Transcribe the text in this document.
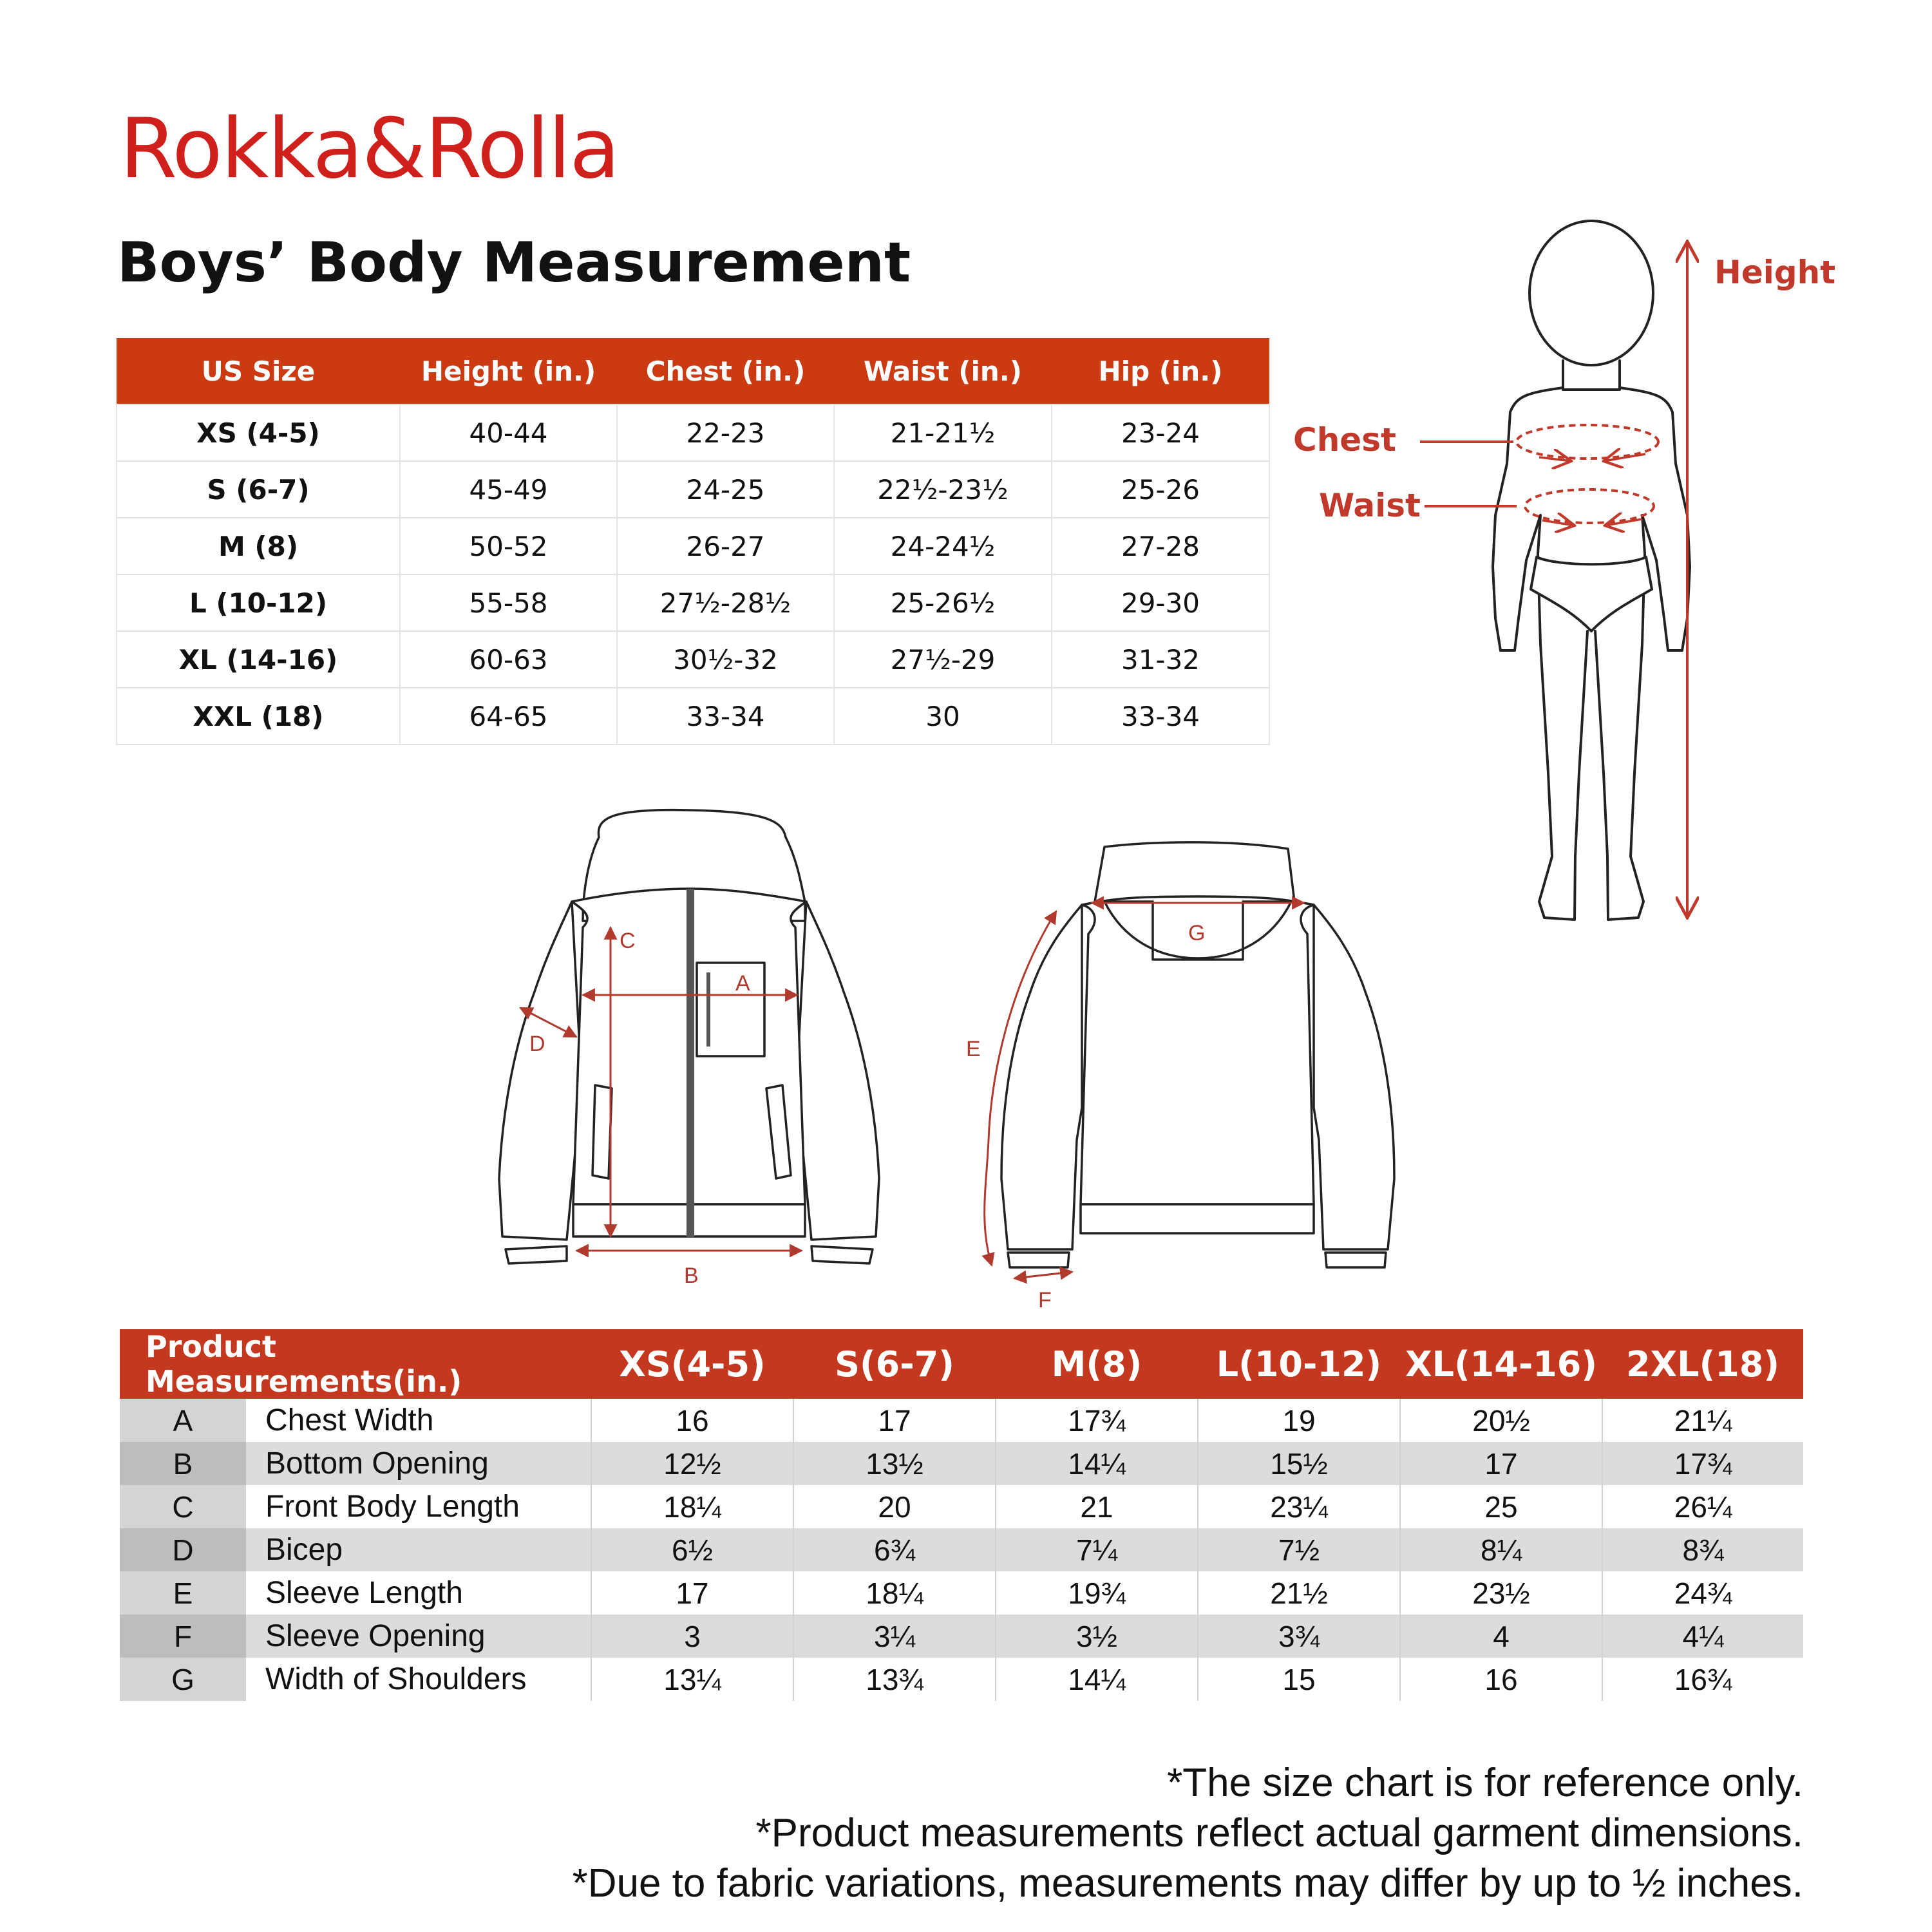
Rokka&Rolla
Boys’ Body Measurement
US Size	Height (in.)	Chest (in.)	Waist (in.)	Hip (in.)
XS (4-5)	40-44	22-23	21-21½	23-24
S (6-7)	45-49	24-25	22½-23½	25-26
M (8)	50-52	26-27	24-24½	27-28
L (10-12)	55-58	27½-28½	25-26½	29-30
XL (14-16)	60-63	30½-32	27½-29	31-32
XXL (18)	64-65	33-34	30	33-34
Height
Chest
Waist
C
A
B
D
G
E
F
Product Measurements(in.)		XS(4-5)	S(6-7)	M(8)	L(10-12)	XL(14-16)	2XL(18)
A	Chest Width	16	17	17¾	19	20½	21¼
B	Bottom Opening	12½	13½	14¼	15½	17	17¾
C	Front Body Length	18¼	20	21	23¼	25	26¼
D	Bicep	6½	6¾	7¼	7½	8¼	8¾
E	Sleeve Length	17	18¼	19¾	21½	23½	24¾
F	Sleeve Opening	3	3¼	3½	3¾	4	4¼
G	Width of Shoulders	13¼	13¾	14¼	15	16	16¾
*The size chart is for reference only.
*Product measurements reflect actual garment dimensions.
*Due to fabric variations, measurements may differ by up to ½ inches.
